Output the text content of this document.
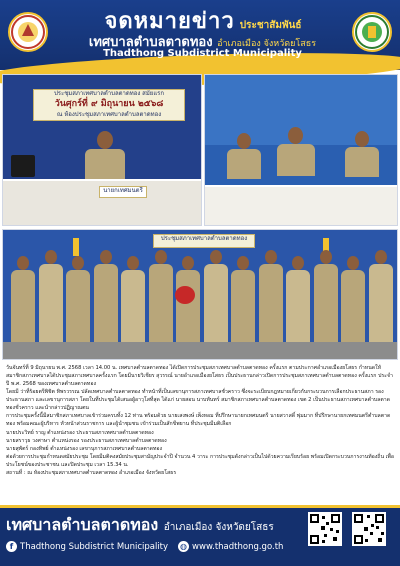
จดหมายข่าว ประชาสัมพันธ์
เทศบาลตำบลตาดทอง อำเภอเมือง จังหวัดยโสธร
Thadthong Subdistrict Municipality
ประชุมสภาเทศบาลตำบลตาดทอง สมัยแรก
วันศุกร์ที่ ๙ มิถุนายน ๒๕๖๘
ณ ห้องประชุมสภาเทศบาลตำบลตาดทอง
นายกเทศมนตรี
ประชุมสภาเทศบาลตำบลตาดทอง

วันจันทร์ที่ 9 มิถุนายน พ.ศ. 2568 เวลา 14.00 น. เทศบาลตำบลตาดทอง ได้เปิดการประชุมสภาเทศบาลตำบลตาดทอง ครั้งแรก ตามประกาศอำเภอเมืองยโสธร กำหนดให้สมาชิกสภาเทศบาลได้ประชุมสภาเทศบาลครั้งแรก โดยมีนายวิเชียร สุวรรณ์ นายอำเภอเมืองยโสธร เป็นประธานกล่าวเปิดการประชุมสภาเทศบาลตำบลตาดทอง ครั้งแรก ประจำปี พ.ศ. 2568 ของเทศบาลตำบลตาดทอง

โดยมี ว่าที่ร้อยตรีพิชิต ทิพรวรรณ ปลัดเทศบาลตำบลตาดทอง ทำหน้าที่เป็นเลขานุการสภาเทศบาลชั่วคราว ซึ่งจะระเบียบกฎหมายเกี่ยวกับกระบวนการเลือกประธานสภา รองประธานสภา และเลขานุการสภา โดยในที่ประชุมได้เสนอผู้อาวุโสที่สุด ได้แก่ นายสอน นาบทันทร์ สมาชิกสภาเทศบาลตำบลตาดทอง เขต 2 เป็นประธานสภาเทศบาลตำบลตาดทองชั่วคราว และนำกล่าวปฏิญาณตน

การประชุมครั้งนี้มีสมาชิกสภาเทศบาลเข้าร่วมครบทั้ง 12 ท่าน พร้อมด้วย นายเสงพงษ์ เพ็งหอม ที่ปรึกษานายกเทศมนตรี นายสวาสดิ์ พุ่มมาก ที่ปรึกษานายกเทศมนตรีตำบลตาดทอง พร้อมคณะผู้บริหาร หัวหน้าส่วนราชการ และผู้นำชุมชน เข้าร่วมเป็นสักขีพยาน ที่ประชุมมีมติเลือก

นายประวิทย์ ราญ ตำแหน่งรอง ประธานสภาเทศบาลตำบลตาดทอง

นายสราวุธ วงศาษา ตำแหน่งรอง รองประธานสภาเทศบาลตำบลตาดทอง

นายสุพัตร์ กองทิพย์ ตำแหน่งรอง เลขานุการสภาเทศบาลตำบลตาดทอง

ต่อด้วยการประชุมกำหนดสมัยประชุม โดยมีมติคงสมัยประชุมสามัญประจำปี จำนวน 4 วาระ การประชุมดังกล่าวเป็นไปด้วยความเรียบร้อย พร้อมเปิดกระบวนการงานท้องถิ่น เพื่อประโยชน์ของประชาชน และปิดประชุม เวลา 15.34 น.

สถานที่ : ณ ห้องประชุมสภาเทศบาลตำบลตาดทอง อำเภอเมือง จังหวัดยโสธร

เทศบาลตำบลตาดทอง อำเภอเมือง จังหวัดยโสธร
f Thadthong Subdistrict Municipality ◍ www.thadthong.go.th
